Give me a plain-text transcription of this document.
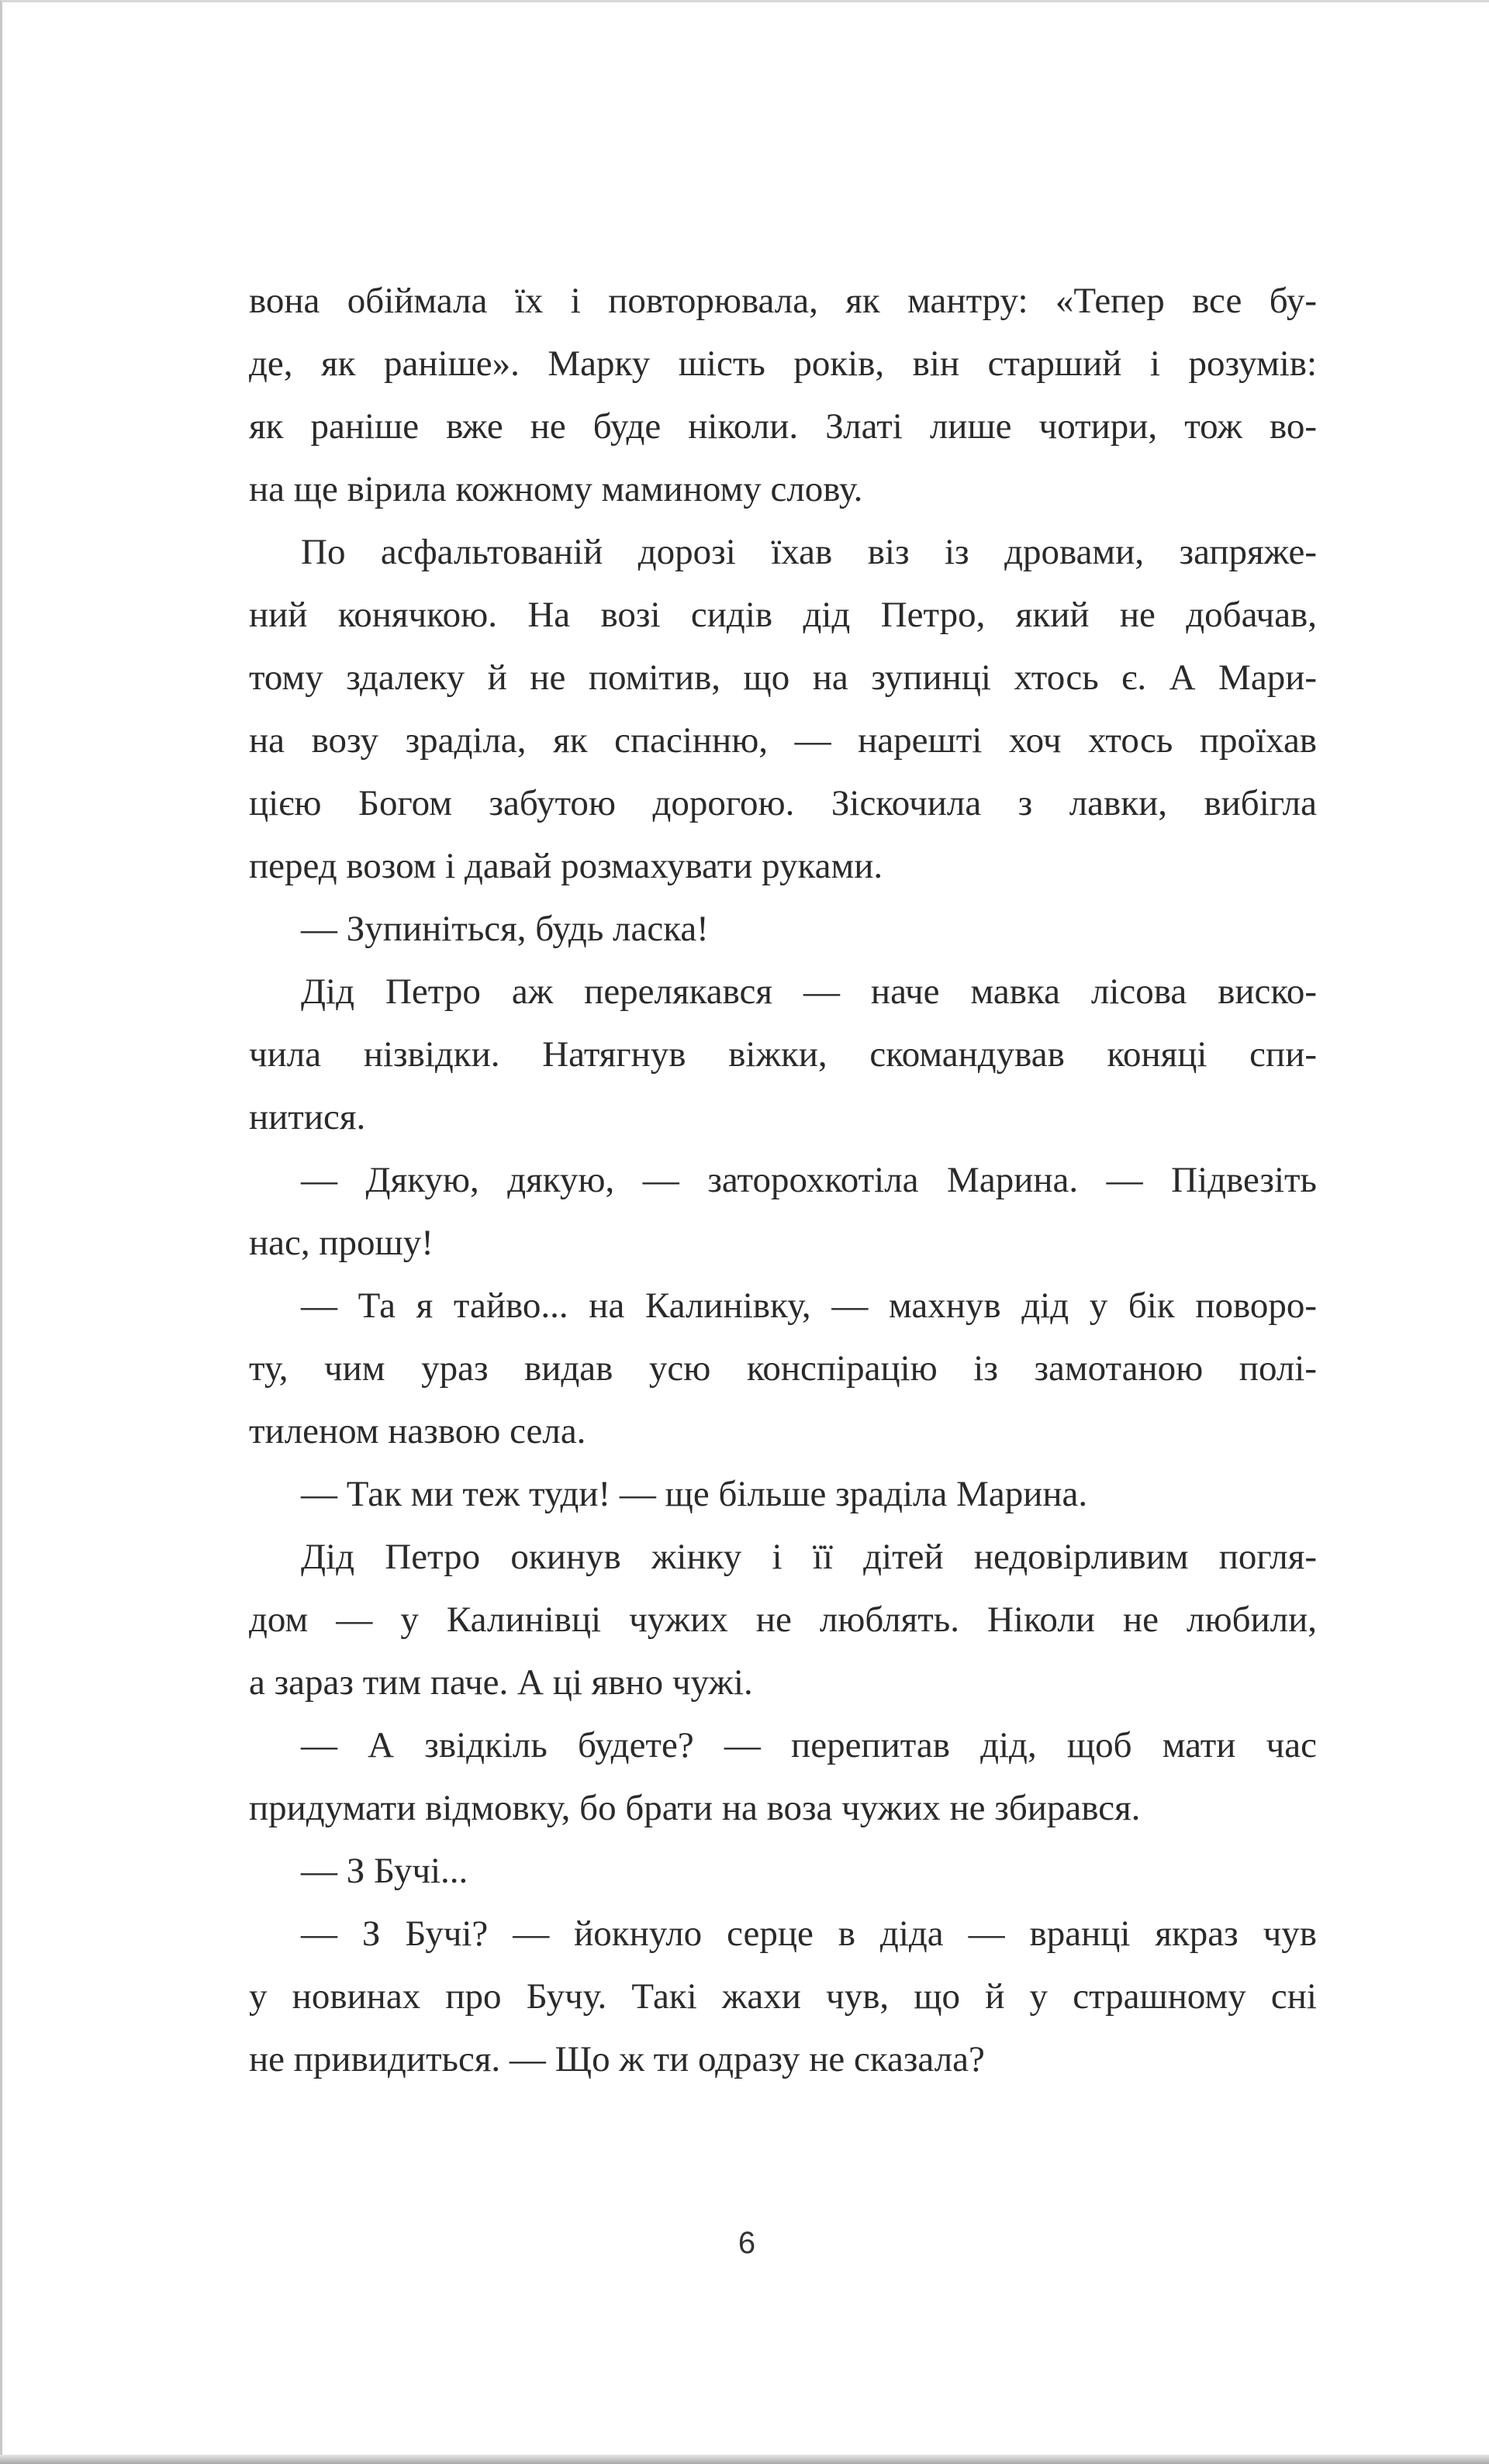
вона обіймала їх і повторювала, як мантру: «Тепер все бу-
де, як раніше». Марку шість років, він старший і розумів:
як раніше вже не буде ніколи. Златі лише чотири, тож во-
на ще вірила кожному маминому слову.
По асфальтованій дорозі їхав віз із дровами, запряже-
ний конячкою. На возі сидів дід Петро, який не добачав,
тому здалеку й не помітив, що на зупинці хтось є. А Мари-
на возу зраділа, як спасінню, — нарешті хоч хтось проїхав
цією Богом забутою дорогою. Зіскочила з лавки, вибігла
перед возом і давай розмахувати руками.
— Зупиніться, будь ласка!
Дід Петро аж перелякався — наче мавка лісова виско-
чила нізвідки. Натягнув віжки, скомандував коняці спи-
нитися.
— Дякую, дякую, — заторохкотіла Марина. — Підвезіть
нас, прошу!
— Та я тайво... на Калинівку, — махнув дід у бік поворо-
ту, чим ураз видав усю конспірацію із замотаною полі-
тиленом назвою села.
— Так ми теж туди! — ще більше зраділа Марина.
Дід Петро окинув жінку і її дітей недовірливим погля-
дом — у Калинівці чужих не люблять. Ніколи не любили,
а зараз тим паче. А ці явно чужі.
— А звідкіль будете? — перепитав дід, щоб мати час
придумати відмовку, бо брати на воза чужих не збирався.
— З Бучі...
— З Бучі? — йокнуло серце в діда — вранці якраз чув
у новинах про Бучу. Такі жахи чув, що й у страшному сні
не привидиться. — Що ж ти одразу не сказала?
6
